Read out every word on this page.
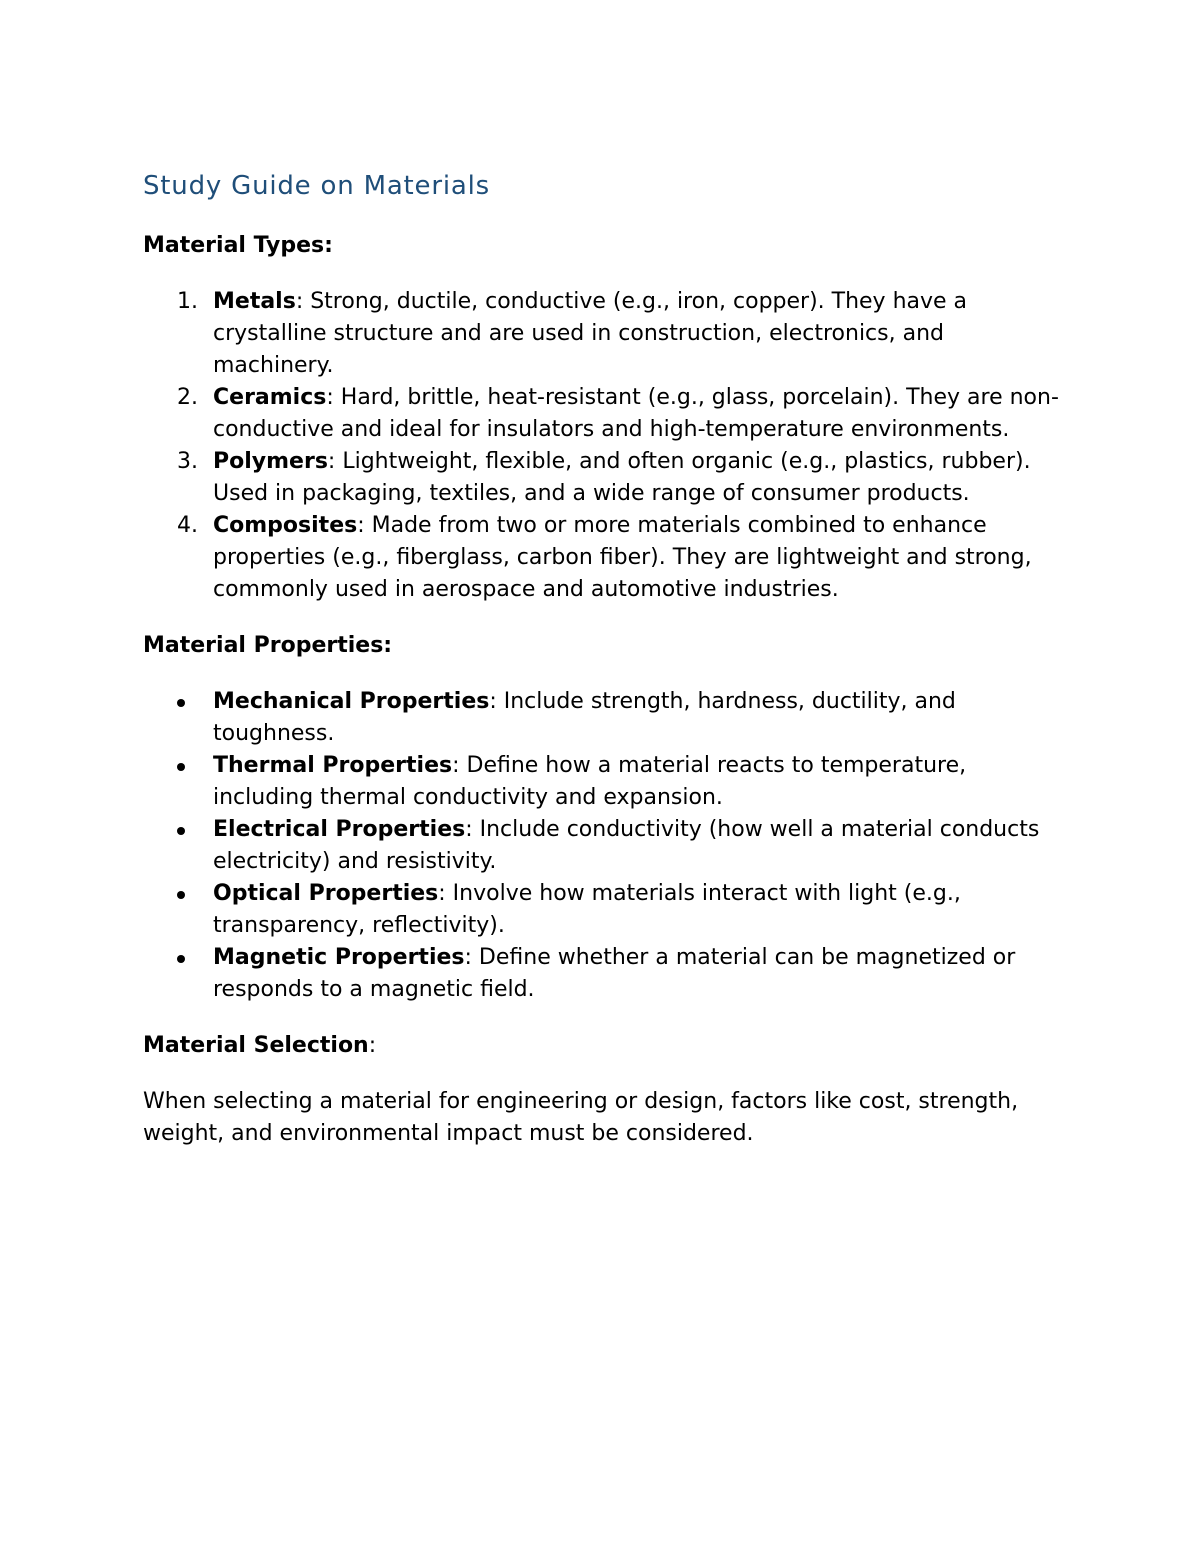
Study Guide on Materials
Material Types:
1. Metals: Strong, ductile, conductive (e.g., iron, copper). They have a crystalline structure and are used in construction, electronics, and machinery.
2. Ceramics: Hard, brittle, heat-resistant (e.g., glass, porcelain). They are non-conductive and ideal for insulators and high-temperature environments.
3. Polymers: Lightweight, flexible, and often organic (e.g., plastics, rubber). Used in packaging, textiles, and a wide range of consumer products.
4. Composites: Made from two or more materials combined to enhance properties (e.g., fiberglass, carbon fiber). They are lightweight and strong, commonly used in aerospace and automotive industries.
Material Properties:
Mechanical Properties: Include strength, hardness, ductility, and toughness.
Thermal Properties: Define how a material reacts to temperature, including thermal conductivity and expansion.
Electrical Properties: Include conductivity (how well a material conducts electricity) and resistivity.
Optical Properties: Involve how materials interact with light (e.g., transparency, reflectivity).
Magnetic Properties: Define whether a material can be magnetized or responds to a magnetic field.
Material Selection:

When selecting a material for engineering or design, factors like cost, strength, weight, and environmental impact must be considered.
